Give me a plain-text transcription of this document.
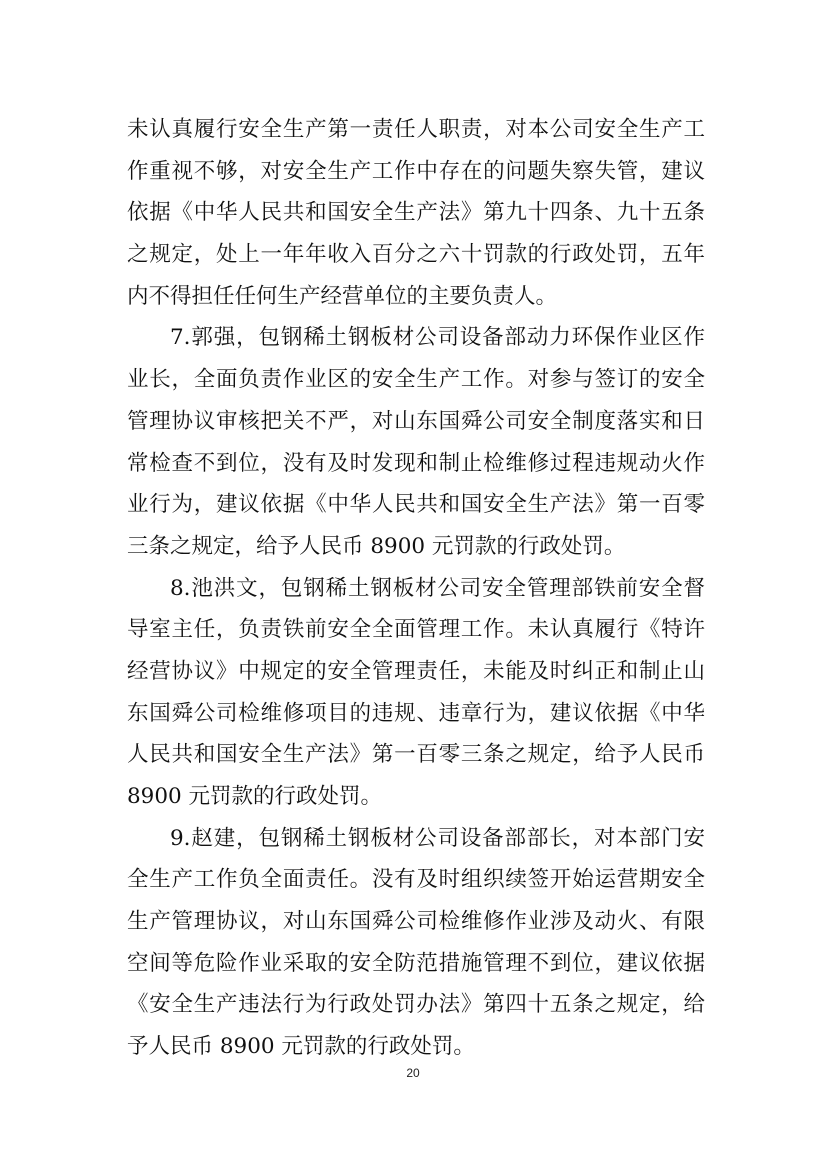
未认真履行安全生产第一责任人职责，对本公司安全生产工
作重视不够，对安全生产工作中存在的问题失察失管，建议
依据《中华人民共和国安全生产法》第九十四条、九十五条
之规定，处上一年年收入百分之六十罚款的行政处罚，五年
内不得担任任何生产经营单位的主要负责人。
7.郭强，包钢稀土钢板材公司设备部动力环保作业区作
业长，全面负责作业区的安全生产工作。对参与签订的安全
管理协议审核把关不严，对山东国舜公司安全制度落实和日
常检查不到位，没有及时发现和制止检维修过程违规动火作
业行为，建议依据《中华人民共和国安全生产法》第一百零
三条之规定，给予人民币 8900 元罚款的行政处罚。
8.池洪文，包钢稀土钢板材公司安全管理部铁前安全督
导室主任，负责铁前安全全面管理工作。未认真履行《特许
经营协议》中规定的安全管理责任，未能及时纠正和制止山
东国舜公司检维修项目的违规、违章行为，建议依据《中华
人民共和国安全生产法》第一百零三条之规定，给予人民币
8900 元罚款的行政处罚。
9.赵建，包钢稀土钢板材公司设备部部长，对本部门安
全生产工作负全面责任。没有及时组织续签开始运营期安全
生产管理协议，对山东国舜公司检维修作业涉及动火、有限
空间等危险作业采取的安全防范措施管理不到位，建议依据
《安全生产违法行为行政处罚办法》第四十五条之规定，给
予人民币 8900 元罚款的行政处罚。
20
